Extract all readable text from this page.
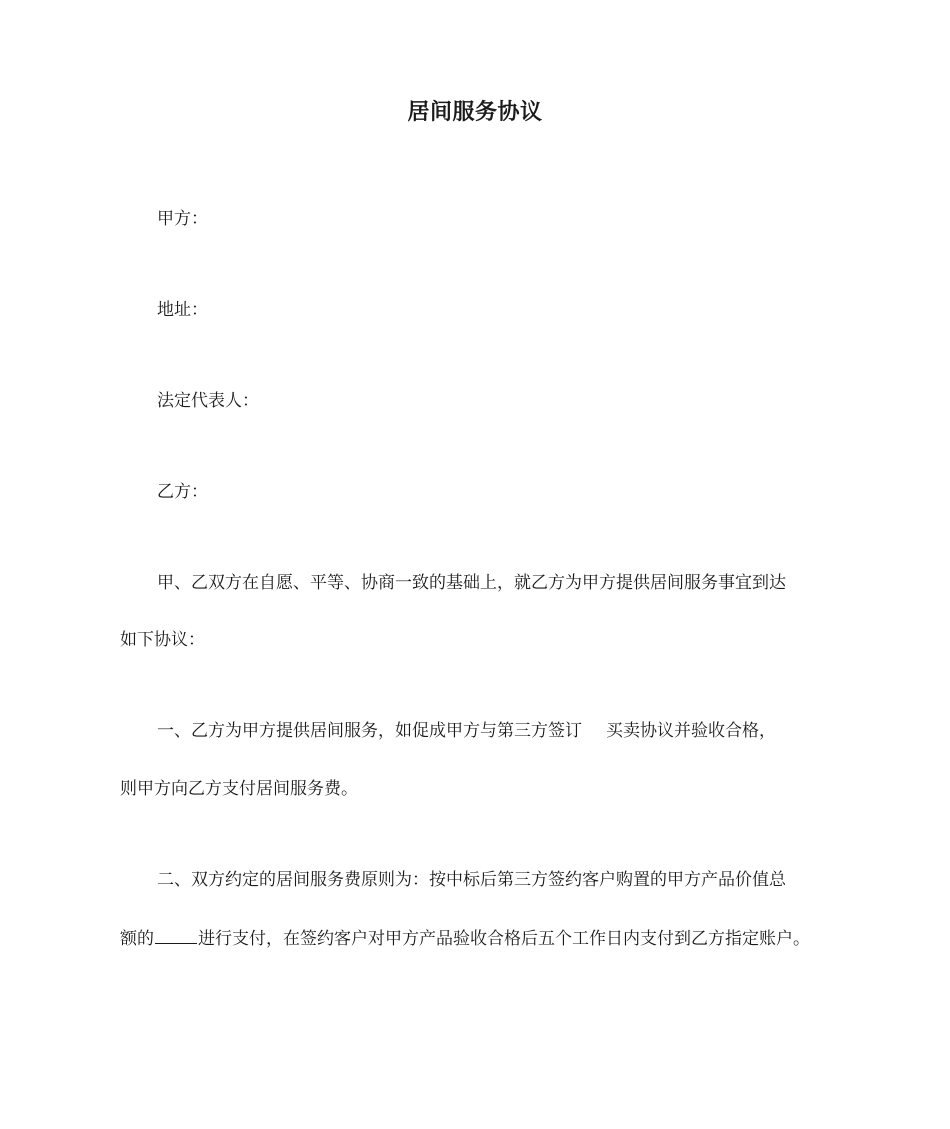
居间服务协议
甲方：
地址：
法定代表人：
乙方：
甲、乙双方在自愿、平等、协商一致的基础上，就乙方为甲方提供居间服务事宜到达
如下协议：
一、乙方为甲方提供居间服务，如促成甲方与第三方签订 买卖协议并验收合格，
则甲方向乙方支付居间服务费。
二、双方约定的居间服务费原则为：按中标后第三方签约客户购置的甲方产品价值总
额的	进行支付，在签约客户对甲方产品验收合格后五个工作日内支付到乙方指定账户。
